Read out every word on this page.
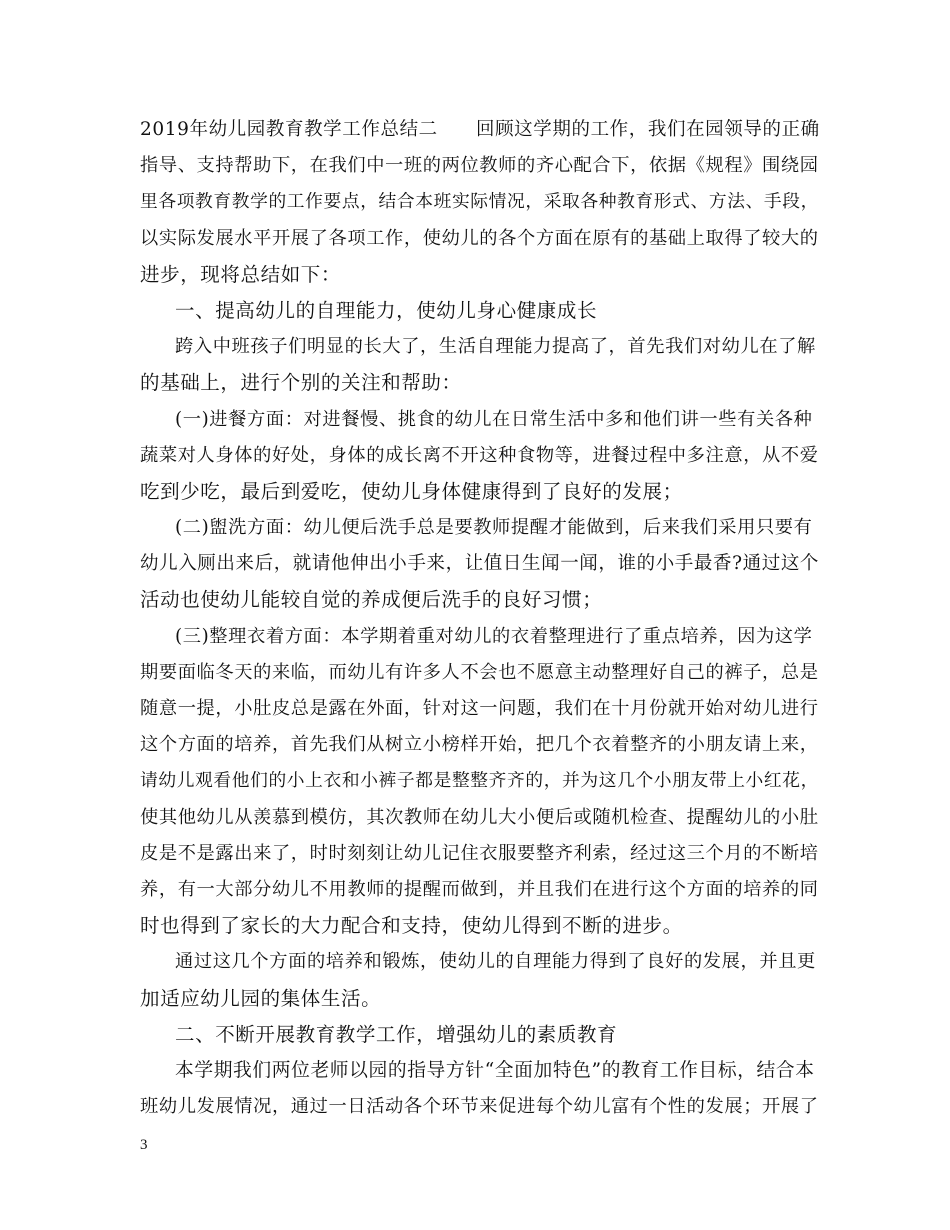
2019年幼儿园教育教学工作总结二　　回顾这学期的工作，我们在园领导的正确
指导、支持帮助下，在我们中一班的两位教师的齐心配合下，依据《规程》围绕园
里各项教育教学的工作要点，结合本班实际情况，采取各种教育形式、方法、手段，
以实际发展水平开展了各项工作，使幼儿的各个方面在原有的基础上取得了较大的
进步，现将总结如下：
一、提高幼儿的自理能力，使幼儿身心健康成长
跨入中班孩子们明显的长大了，生活自理能力提高了，首先我们对幼儿在了解
的基础上，进行个别的关注和帮助：
(一)进餐方面：对进餐慢、挑食的幼儿在日常生活中多和他们讲一些有关各种
蔬菜对人身体的好处，身体的成长离不开这种食物等，进餐过程中多注意，从不爱
吃到少吃，最后到爱吃，使幼儿身体健康得到了良好的发展；
(二)盥洗方面：幼儿便后洗手总是要教师提醒才能做到，后来我们采用只要有
幼儿入厕出来后，就请他伸出小手来，让值日生闻一闻，谁的小手最香?通过这个
活动也使幼儿能较自觉的养成便后洗手的良好习惯；
(三)整理衣着方面：本学期着重对幼儿的衣着整理进行了重点培养，因为这学
期要面临冬天的来临，而幼儿有许多人不会也不愿意主动整理好自己的裤子，总是
随意一提，小肚皮总是露在外面，针对这一问题，我们在十月份就开始对幼儿进行
这个方面的培养，首先我们从树立小榜样开始，把几个衣着整齐的小朋友请上来，
请幼儿观看他们的小上衣和小裤子都是整整齐齐的，并为这几个小朋友带上小红花，
使其他幼儿从羡慕到模仿，其次教师在幼儿大小便后或随机检查、提醒幼儿的小肚
皮是不是露出来了，时时刻刻让幼儿记住衣服要整齐利索，经过这三个月的不断培
养，有一大部分幼儿不用教师的提醒而做到，并且我们在进行这个方面的培养的同
时也得到了家长的大力配合和支持，使幼儿得到不断的进步。
通过这几个方面的培养和锻炼，使幼儿的自理能力得到了良好的发展，并且更
加适应幼儿园的集体生活。
二、不断开展教育教学工作，增强幼儿的素质教育
本学期我们两位老师以园的指导方针“全面加特色”的教育工作目标，结合本
班幼儿发展情况，通过一日活动各个环节来促进每个幼儿富有个性的发展；开展了
3
